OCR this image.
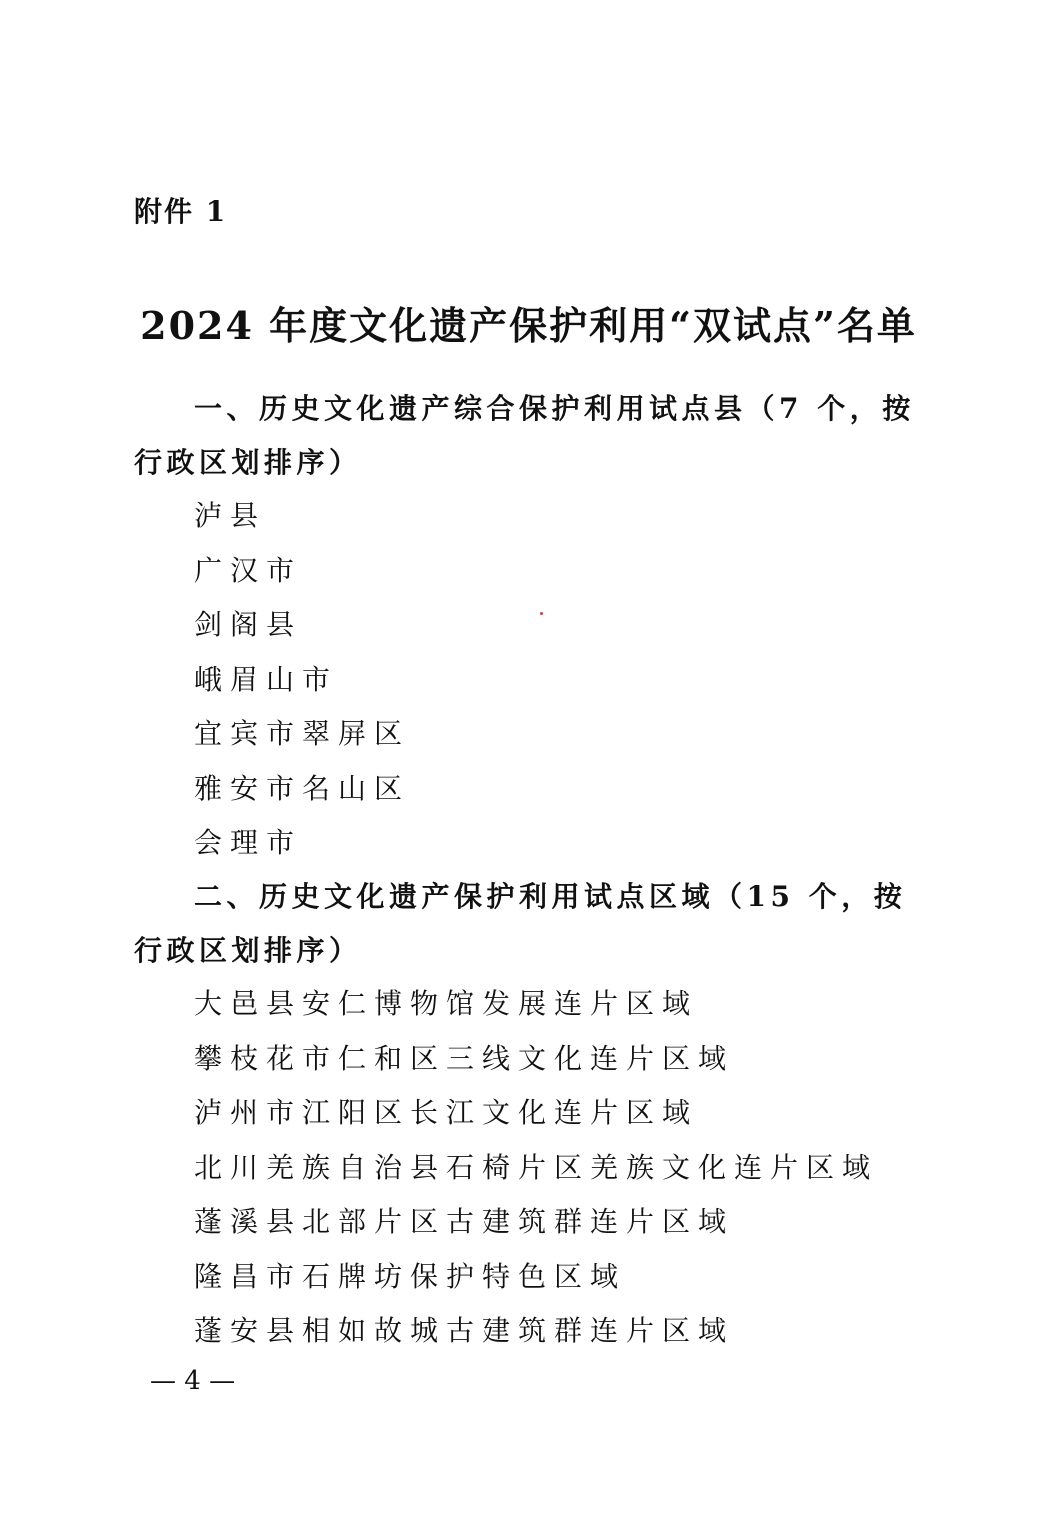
附件 1
2024 年度文化遗产保护利用“双试点”名单
一、历史文化遗产综合保护利用试点县（7 个，按行政区划排序）
泸县
广汉市
剑阁县
峨眉山市
宜宾市翠屏区
雅安市名山区
会理市
二、历史文化遗产保护利用试点区域（15 个，按行政区划排序）
大邑县安仁博物馆发展连片区域
攀枝花市仁和区三线文化连片区域
泸州市江阳区长江文化连片区域
北川羌族自治县石椅片区羌族文化连片区域
蓬溪县北部片区古建筑群连片区域
隆昌市石牌坊保护特色区域
蓬安县相如故城古建筑群连片区域
— 4 —
